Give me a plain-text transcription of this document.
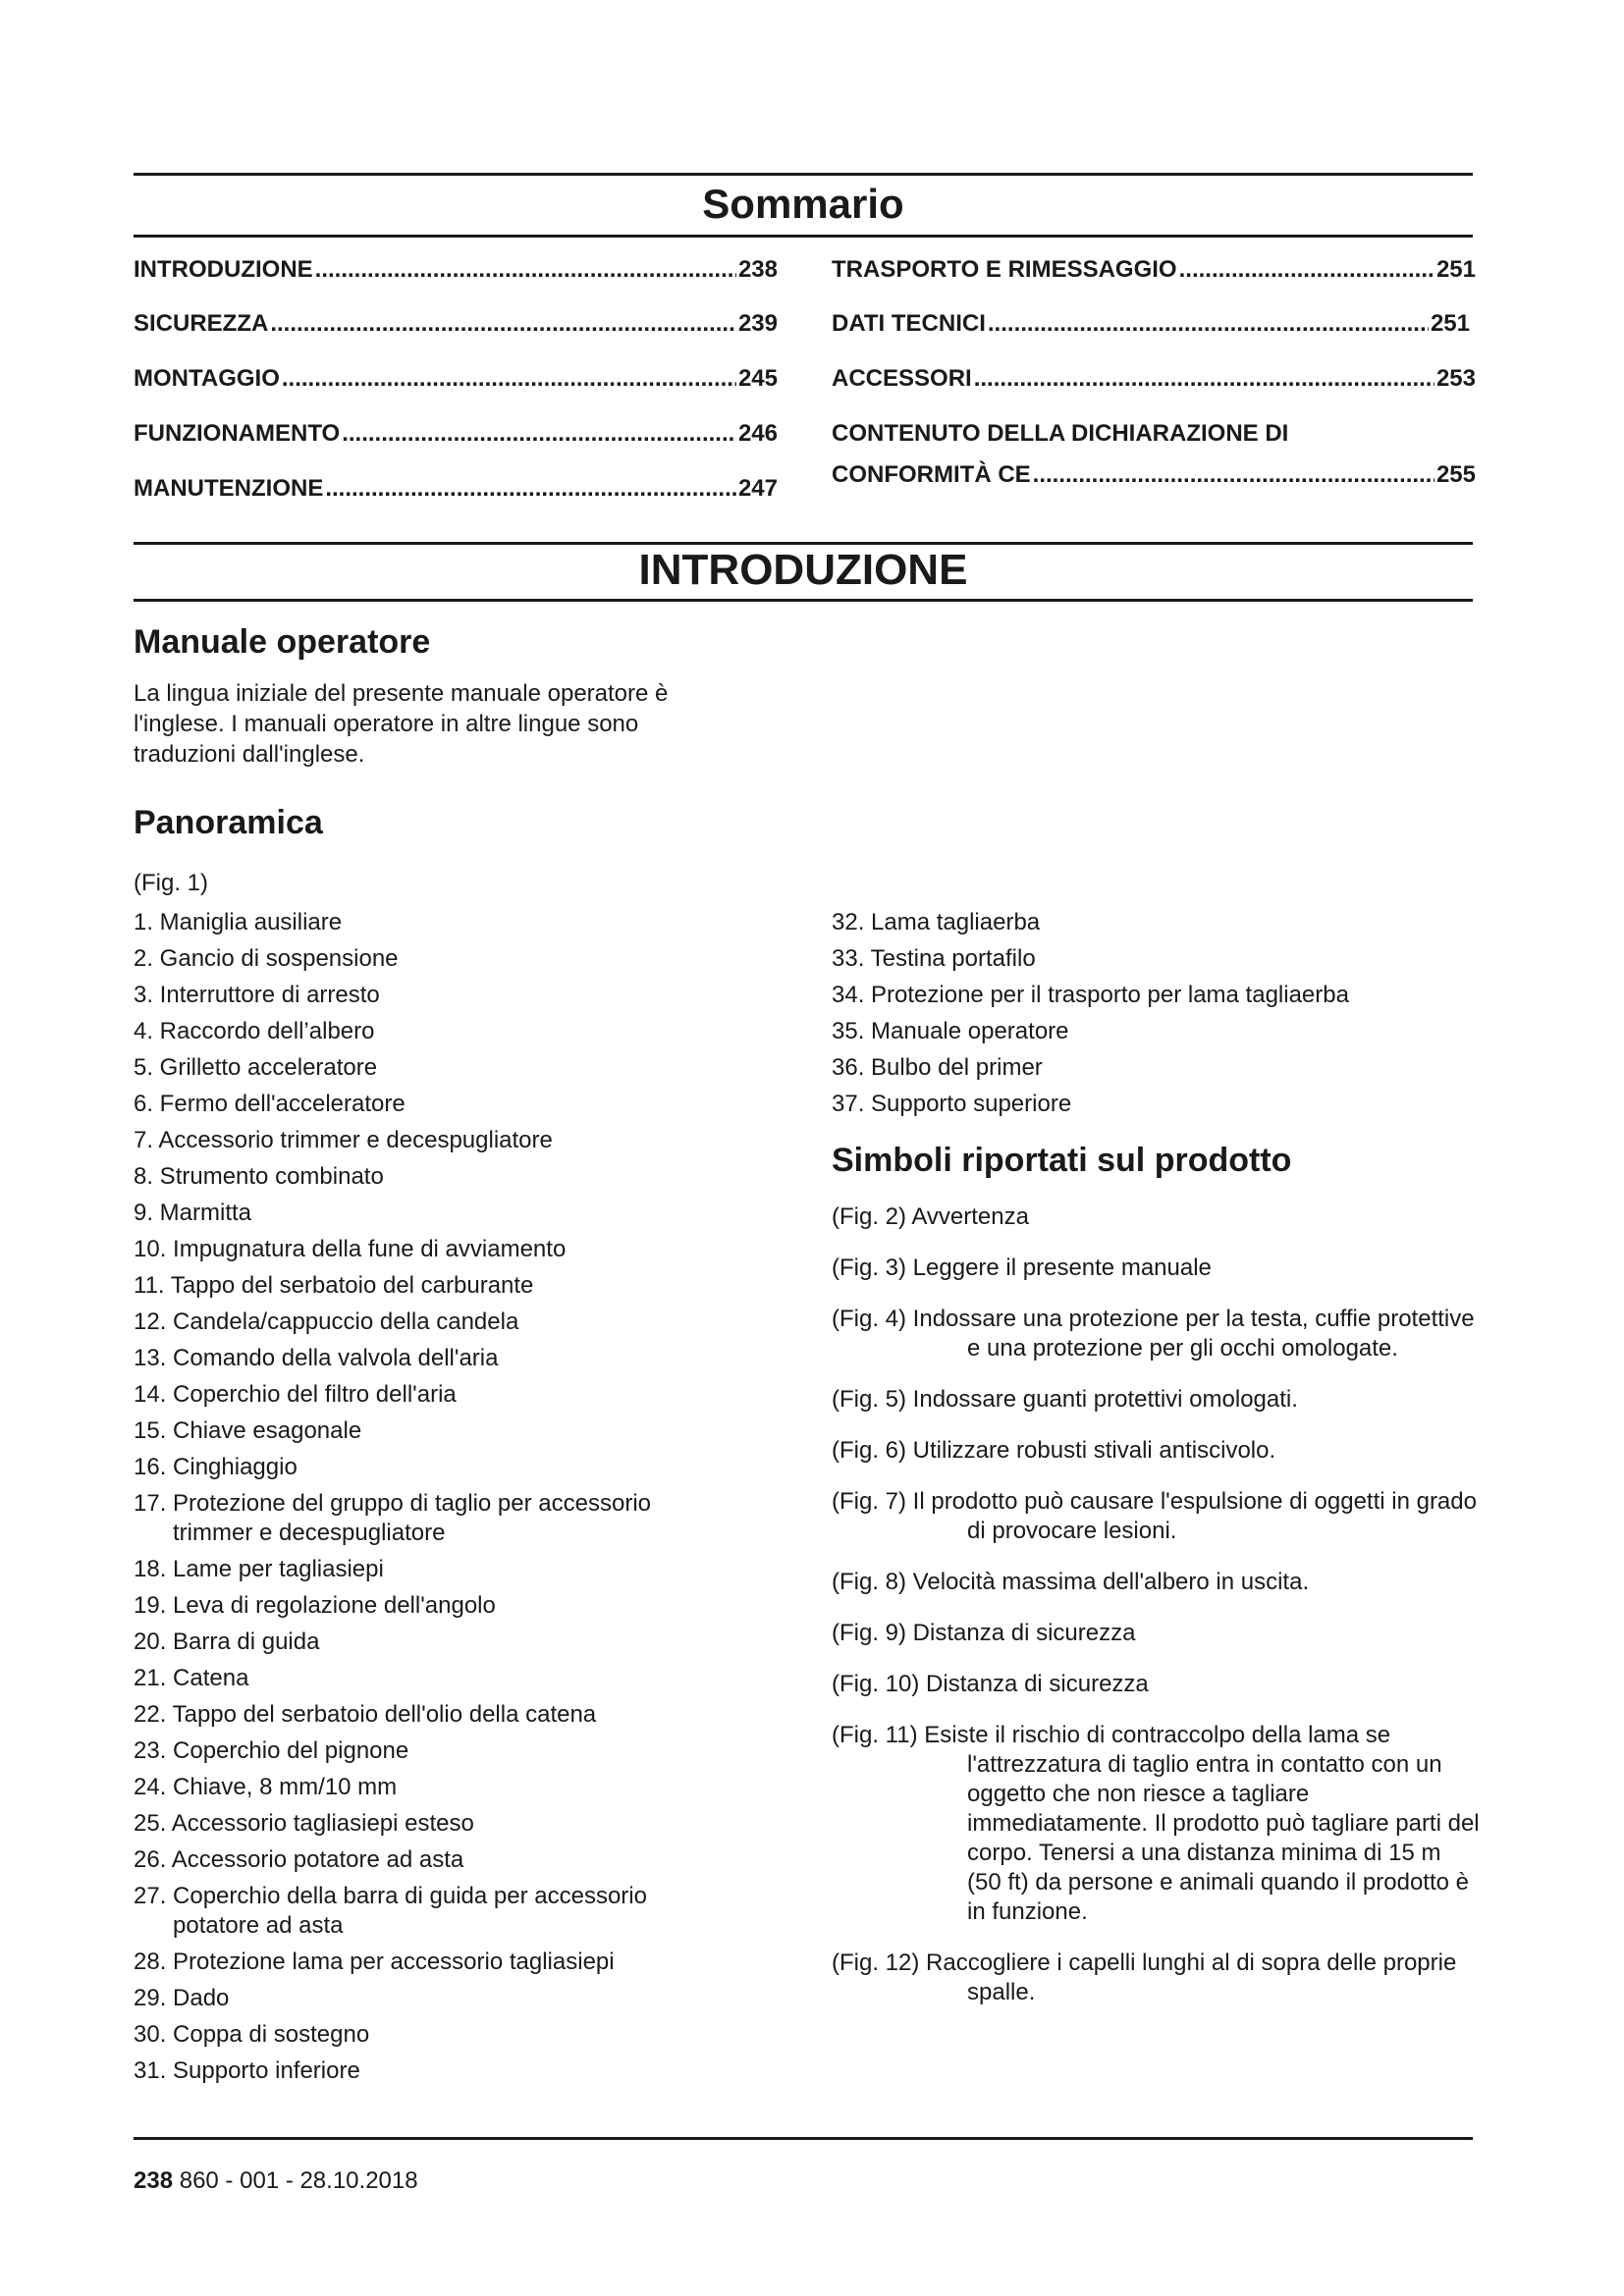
Sommario
INTRODUZIONE .....	238
SICUREZZA .....	239
MONTAGGIO .....	245
FUNZIONAMENTO .....	246
MANUTENZIONE .....	247
TRASPORTO E RIMESSAGGIO .....	251
DATI TECNICI .....	251
ACCESSORI .....	253
CONTENUTO DELLA DICHIARAZIONE DI
CONFORMITÀ CE .....	255
INTRODUZIONE
Manuale operatore
La lingua iniziale del presente manuale operatore è
l'inglese. I manuali operatore in altre lingue sono
traduzioni dall'inglese.
Panoramica
(Fig. 1)
1. Maniglia ausiliare
2. Gancio di sospensione
3. Interruttore di arresto
4. Raccordo dell’albero
5. Grilletto acceleratore
6. Fermo dell'acceleratore
7. Accessorio trimmer e decespugliatore
8. Strumento combinato
9. Marmitta
10. Impugnatura della fune di avviamento
11. Tappo del serbatoio del carburante
12. Candela/cappuccio della candela
13. Comando della valvola dell'aria
14. Coperchio del filtro dell'aria
15. Chiave esagonale
16. Cinghiaggio
17. Protezione del gruppo di taglio per accessorio
trimmer e decespugliatore
18. Lame per tagliasiepi
19. Leva di regolazione dell'angolo
20. Barra di guida
21. Catena
22. Tappo del serbatoio dell'olio della catena
23. Coperchio del pignone
24. Chiave, 8 mm/10 mm
25. Accessorio tagliasiepi esteso
26. Accessorio potatore ad asta
27. Coperchio della barra di guida per accessorio
potatore ad asta
28. Protezione lama per accessorio tagliasiepi
29. Dado
30. Coppa di sostegno
31. Supporto inferiore
32. Lama tagliaerba
33. Testina portafilo
34. Protezione per il trasporto per lama tagliaerba
35. Manuale operatore
36. Bulbo del primer
37. Supporto superiore
Simboli riportati sul prodotto
(Fig. 2) Avvertenza
(Fig. 3) Leggere il presente manuale
(Fig. 4) Indossare una protezione per la testa, cuffie protettive e una protezione per gli occhi omologate.
(Fig. 5) Indossare guanti protettivi omologati.
(Fig. 6) Utilizzare robusti stivali antiscivolo.
(Fig. 7) Il prodotto può causare l'espulsione di oggetti in grado di provocare lesioni.
(Fig. 8) Velocità massima dell'albero in uscita.
(Fig. 9) Distanza di sicurezza
(Fig. 10) Distanza di sicurezza
(Fig. 11) Esiste il rischio di contraccolpo della lama se l'attrezzatura di taglio entra in contatto con un oggetto che non riesce a tagliare immediatamente. Il prodotto può tagliare parti del corpo. Tenersi a una distanza minima di 15 m (50 ft) da persone e animali quando il prodotto è in funzione.
(Fig. 12) Raccogliere i capelli lunghi al di sopra delle proprie spalle.
238 860 - 001 - 28.10.2018
